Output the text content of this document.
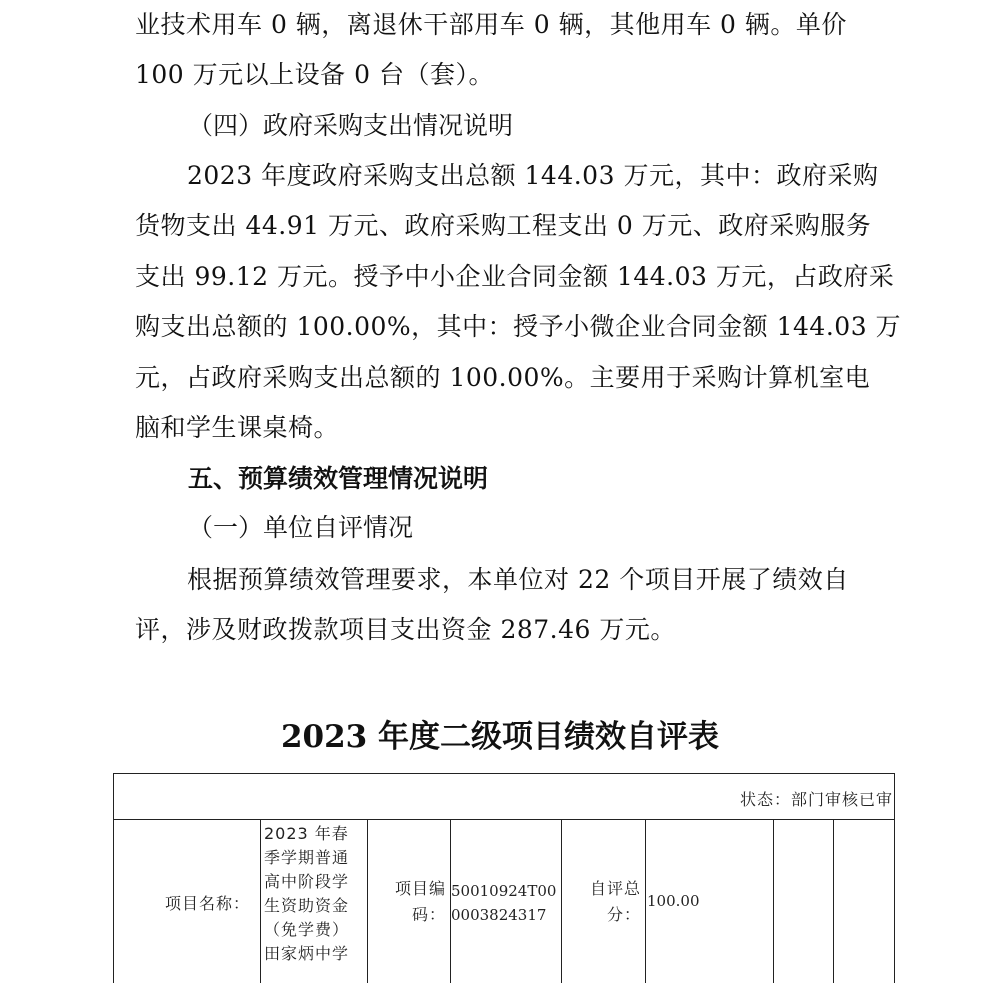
业技术用车 0 辆，离退休干部用车 0 辆，其他用车 0 辆。单价
100 万元以上设备 0 台（套）。

（四）政府采购支出情况说明

2023 年度政府采购支出总额 144.03 万元，其中：政府采购
货物支出 44.91 万元、政府采购工程支出 0 万元、政府采购服务
支出 99.12 万元。授予中小企业合同金额 144.03 万元，占政府采
购支出总额的 100.00%，其中：授予小微企业合同金额 144.03 万
元，占政府采购支出总额的 100.00%。主要用于采购计算机室电
脑和学生课桌椅。

五、预算绩效管理情况说明

（一）单位自评情况

根据预算绩效管理要求，本单位对 22 个项目开展了绩效自
评，涉及财政拨款项目支出资金 287.46 万元。

2023 年度二级项目绩效自评表

状态：部门审核已审
项目名称：
2023 年春季学期普通高中阶段学生资助资金（免学费）田家炳中学
项目编码：
50010924T000003824317
自评总分：
100.00
